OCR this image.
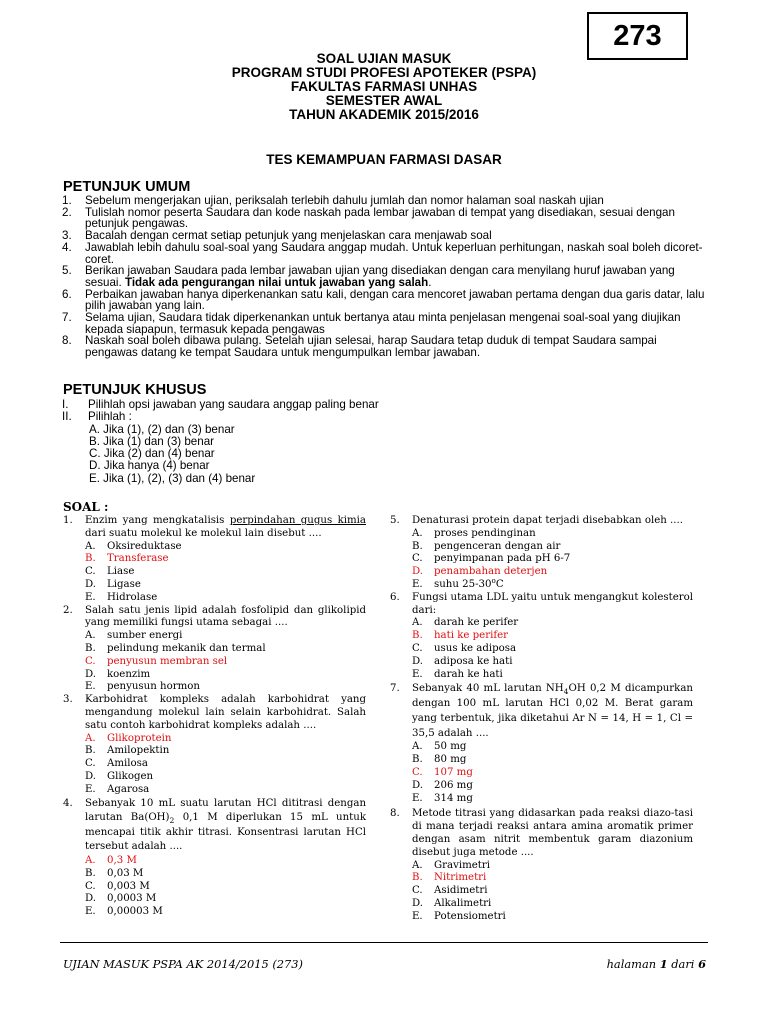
273
SOAL UJIAN MASUK
PROGRAM STUDI PROFESI APOTEKER (PSPA)
FAKULTAS FARMASI UNHAS
SEMESTER AWAL
TAHUN AKADEMIK 2015/2016
TES KEMAMPUAN FARMASI DASAR
PETUNJUK UMUM
1. Sebelum mengerjakan ujian, periksalah terlebih dahulu jumlah dan nomor halaman soal naskah ujian
2. Tulislah nomor peserta Saudara dan kode naskah pada lembar jawaban di tempat yang disediakan, sesuai dengan petunjuk pengawas.
3. Bacalah dengan cermat setiap petunjuk yang menjelaskan cara menjawab soal
4. Jawablah lebih dahulu soal-soal yang Saudara anggap mudah. Untuk keperluan perhitungan, naskah soal boleh dicoret-coret.
5. Berikan jawaban Saudara pada lembar jawaban ujian yang disediakan dengan cara menyilang huruf jawaban yang sesuai. Tidak ada pengurangan nilai untuk jawaban yang salah.
6. Perbaikan jawaban hanya diperkenankan satu kali, dengan cara mencoret jawaban pertama dengan dua garis datar, lalu pilih jawaban yang lain.
7. Selama ujian, Saudara tidak diperkenankan untuk bertanya atau minta penjelasan mengenai soal-soal yang diujikan kepada siapapun, termasuk kepada pengawas
8. Naskah soal boleh dibawa pulang. Setelah ujian selesai, harap Saudara tetap duduk di tempat Saudara sampai pengawas datang ke tempat Saudara untuk mengumpulkan lembar jawaban.
PETUNJUK KHUSUS
I. Pilihlah opsi jawaban yang saudara anggap paling benar
II. Pilihlah :
A. Jika (1), (2) dan (3) benar
B. Jika (1) dan (3) benar
C. Jika (2) dan (4) benar
D. Jika hanya (4) benar
E. Jika (1), (2), (3) dan (4) benar
SOAL :
1. Enzim yang mengkatalisis perpindahan gugus kimia dari suatu molekul ke molekul lain disebut ....
A. Oksireduktase
B. Transferase
C. Liase
D. Ligase
E. Hidrolase
2. Salah satu jenis lipid adalah fosfolipid dan glikolipid yang memiliki fungsi utama sebagai ....
A. sumber energi
B. pelindung mekanik dan termal
C. penyusun membran sel
D. koenzim
E. penyusun hormon
3. Karbohidrat kompleks adalah karbohidrat yang mengandung molekul lain selain karbohidrat. Salah satu contoh karbohidrat kompleks adalah ....
A. Glikoprotein
B. Amilopektin
C. Amilosa
D. Glikogen
E. Agarosa
4. Sebanyak 10 mL suatu larutan HCl dititrasi dengan larutan $Ba(OH)_2$ 0,1 M diperlukan 15 mL untuk mencapai titik akhir titrasi. Konsentrasi larutan HCl tersebut adalah ....
A. 0,3 M
B. 0,03 M
C. 0,003 M
D. 0,0003 M
E. 0,00003 M
5. Denaturasi protein dapat terjadi disebabkan oleh ....
A. proses pendinginan
B. pengenceran dengan air
C. penyimpanan pada pH 6-7
D. penambahan deterjen
E. suhu 25-30$^o$C
6. Fungsi utama LDL yaitu untuk mengangkut kolesterol dari:
A. darah ke perifer
B. hati ke perifer
C. usus ke adiposa
D. adiposa ke hati
E. darah ke hati
7. Sebanyak 40 mL larutan $NH_4OH$ 0,2 M dicampurkan dengan 100 mL larutan HCl 0,02 M. Berat garam yang terbentuk, jika diketahui Ar N = 14, H = 1, Cl = 35,5 adalah ....
A. 50 mg
B. 80 mg
C. 107 mg
D. 206 mg
E. 314 mg
8. Metode titrasi yang didasarkan pada reaksi diazo-tasi di mana terjadi reaksi antara amina aromatik primer dengan asam nitrit membentuk garam diazonium disebut juga metode ....
A. Gravimetri
B. Nitrimetri
C. Asidimetri
D. Alkalimetri
E. Potensiometri
UJIAN MASUK PSPA AK 2014/2015 (273)	halaman 1 dari 6
